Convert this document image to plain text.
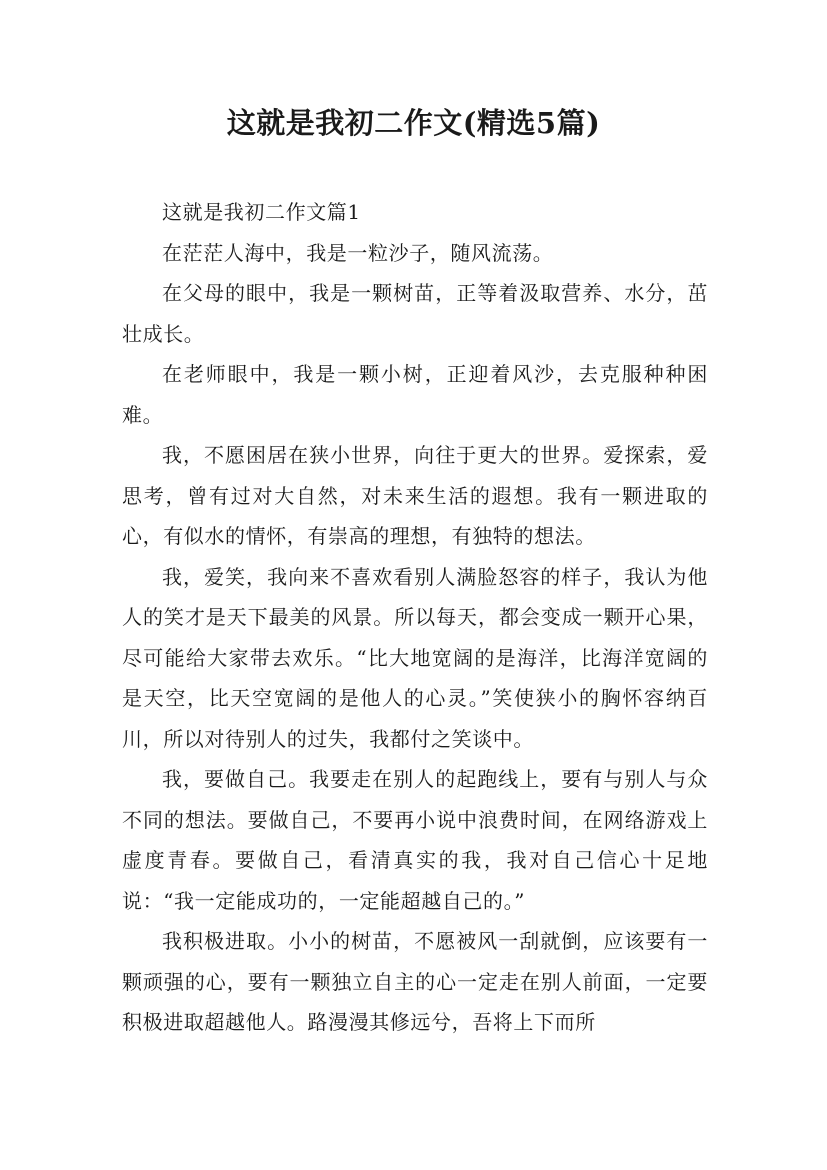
这就是我初二作文(精选5篇)

这就是我初二作文篇1

在茫茫人海中，我是一粒沙子，随风流荡。

在父母的眼中，我是一颗树苗，正等着汲取营养、水分，茁壮成长。

在老师眼中，我是一颗小树，正迎着风沙，去克服种种困难。

我，不愿困居在狭小世界，向往于更大的世界。爱探索，爱思考，曾有过对大自然，对未来生活的遐想。我有一颗进取的心，有似水的情怀，有崇高的理想，有独特的想法。

我，爱笑，我向来不喜欢看别人满脸怒容的样子，我认为他人的笑才是天下最美的风景。所以每天，都会变成一颗开心果，尽可能给大家带去欢乐。“比大地宽阔的是海洋，比海洋宽阔的是天空，比天空宽阔的是他人的心灵。”笑使狭小的胸怀容纳百川，所以对待别人的过失，我都付之笑谈中。

我，要做自己。我要走在别人的起跑线上，要有与别人与众不同的想法。要做自己，不要再小说中浪费时间，在网络游戏上虚度青春。要做自己，看清真实的我，我对自己信心十足地说：“我一定能成功的，一定能超越自己的。”

我积极进取。小小的树苗，不愿被风一刮就倒，应该要有一颗顽强的心，要有一颗独立自主的心一定走在别人前面，一定要积极进取超越他人。路漫漫其修远兮，吾将上下而所
